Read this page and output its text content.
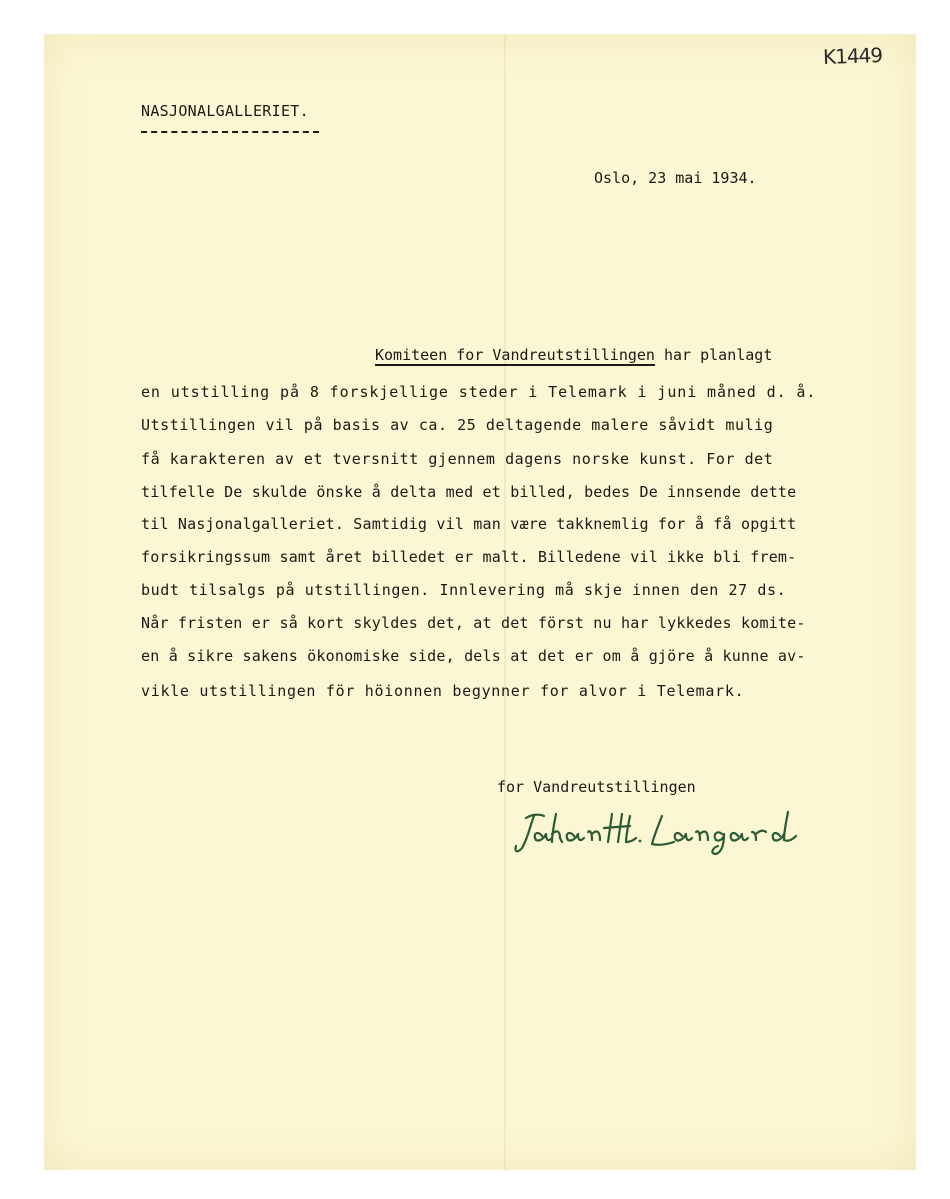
K1449
NASJONALGALLERIET.
Oslo, 23 mai 1934.
Komiteen for Vandreutstillingen har planlagt
en utstilling på 8 forskjellige steder i Telemark i juni måned d. å.
Utstillingen vil på basis av ca. 25 deltagende malere såvidt mulig
få karakteren av et tversnitt gjennem dagens norske kunst. For det
tilfelle De skulde önske å delta med et billed, bedes De innsende dette
til Nasjonalgalleriet. Samtidig vil man være takknemlig for å få opgitt
forsikringssum samt året billedet er malt. Billedene vil ikke bli frem-
budt tilsalgs på utstillingen. Innlevering må skje innen den 27 ds.
Når fristen er så kort skyldes det, at det först nu har lykkedes komite-
en å sikre sakens ökonomiske side, dels at det er om å gjöre å kunne av-
vikle utstillingen för höionnen begynner for alvor i Telemark.
for Vandreutstillingen
